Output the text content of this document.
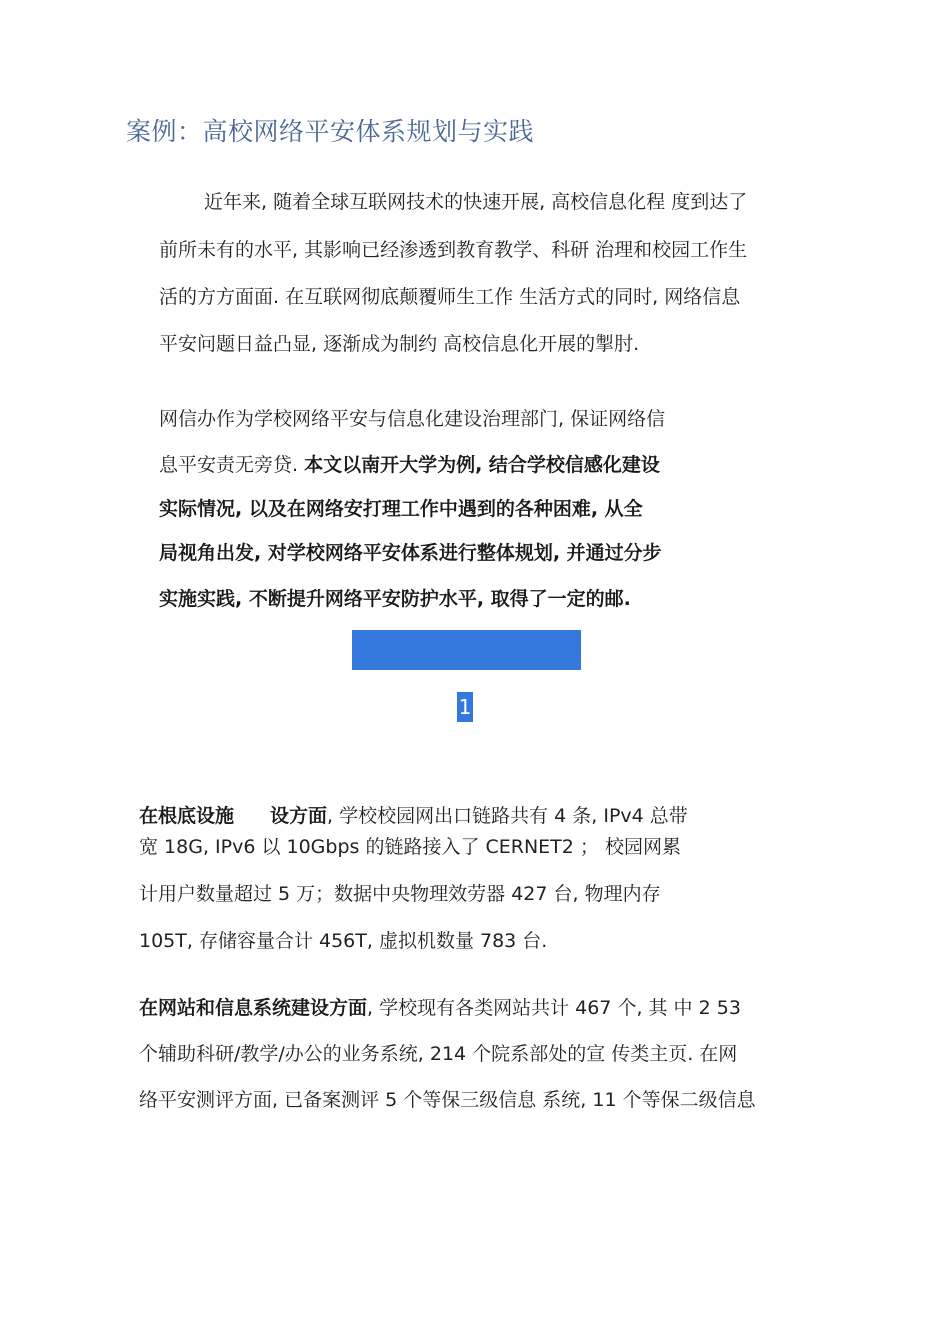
案例：高校网络平安体系规划与实践
近年来, 随着全球互联网技术的快速开展, 高校信息化程 度到达了
前所未有的水平, 其影响已经渗透到教育教学、科研 治理和校园工作生
活的方方面面. 在互联网彻底颠覆师生工作 生活方式的同时, 网络信息
平安问题日益凸显, 逐渐成为制约 高校信息化开展的掣肘.
网信办作为学校网络平安与信息化建设治理部门, 保证网络信
息平安责无旁贷. 本文以南开大学为例, 结合学校信感化建设
实际情况, 以及在网络安打理工作中遇到的各种困难, 从全
局视角出发, 对学校网络平安体系进行整体规划, 并通过分步
实施实践, 不断提升网络平安防护水平, 取得了一定的邮.
1
在根底设施 设方面, 学校校园网出口链路共有 4 条, IPv4 总带
宽 18G, IPv6 以 10Gbps 的链路接入了 CERNET2 ； 校园网累
计用户数量超过 5 万；数据中央物理效劳器 427 台, 物理内存
105T, 存储容量合计 456T, 虚拟机数量 783 台.
在网站和信息系统建设方面, 学校现有各类网站共计 467 个, 其 中 2 53
个辅助科研/教学/办公的业务系统, 214 个院系部处的宣 传类主页. 在网
络平安测评方面, 已备案测评 5 个等保三级信息 系统, 11 个等保二级信息
